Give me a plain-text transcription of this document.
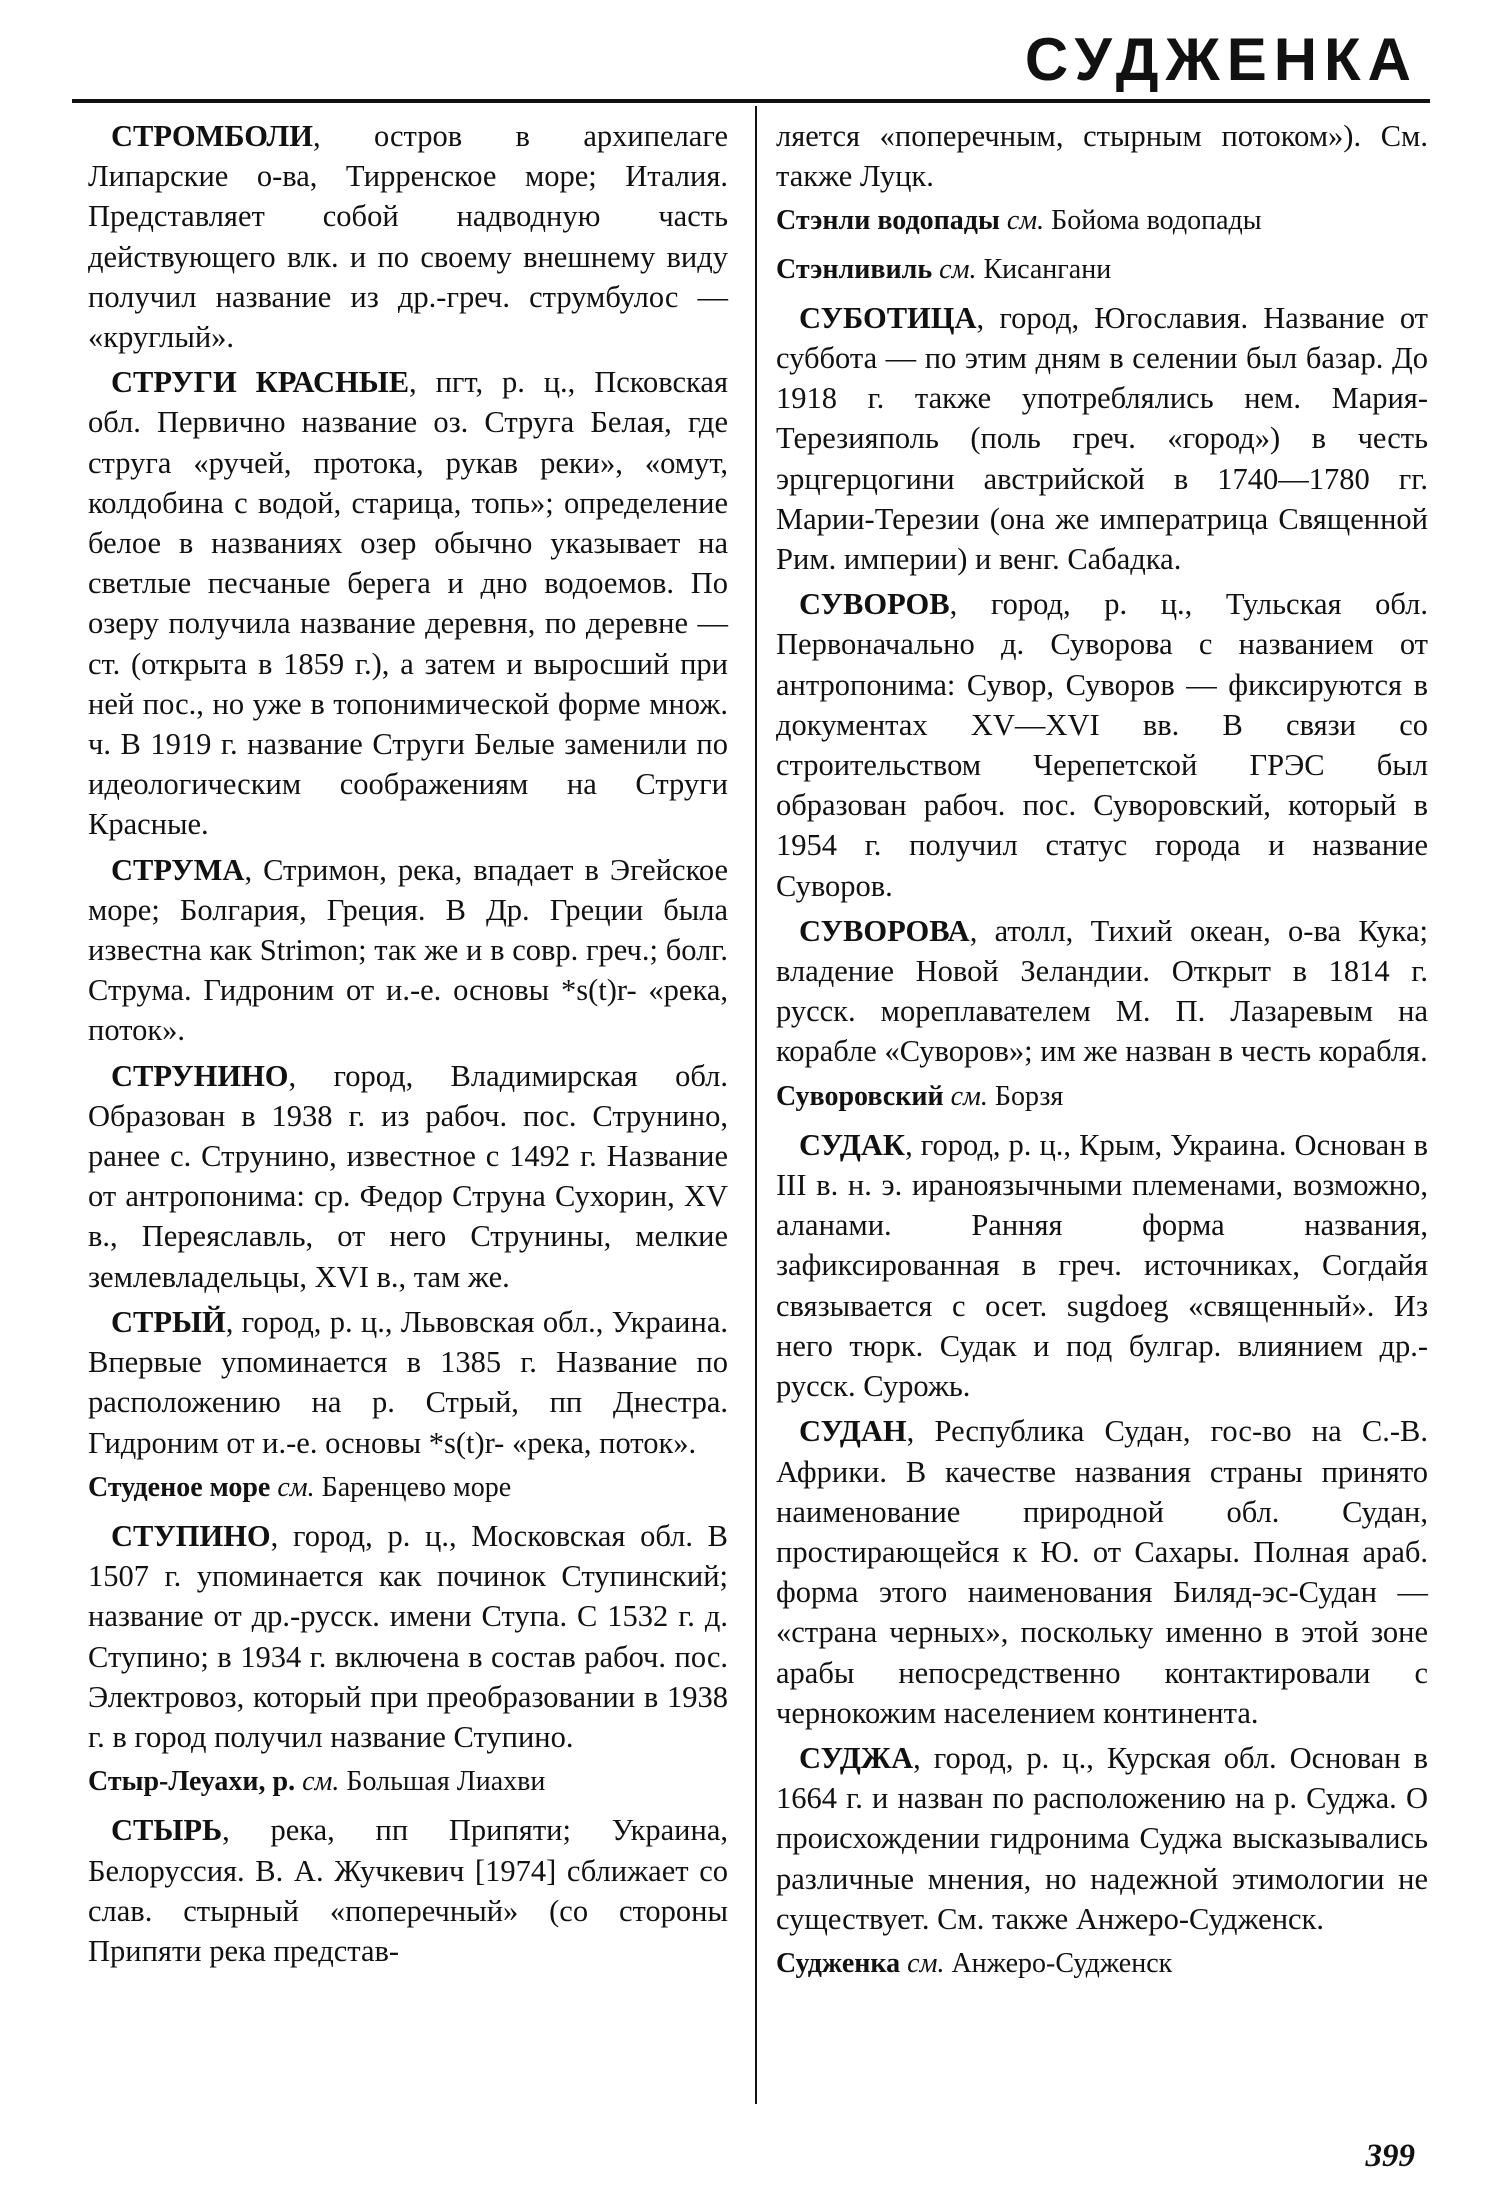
СУДЖЕНКА

СТРОМБОЛИ, остров в архипелаге Липарские о-ва, Тирренское море; Италия. Представляет собой надводную часть действующего влк. и по своему внешнему виду получил название из др.-греч. струмбулос — «круглый».

СТРУГИ КРАСНЫЕ, пгт, р. ц., Псковская обл. Первично название оз. Струга Белая, где струга «ручей, протока, рукав реки», «омут, колдобина с водой, старица, топь»; определение белое в названиях озер обычно указывает на светлые песчаные берега и дно водоемов. По озеру получила название деревня, по деревне — ст. (открыта в 1859 г.), а затем и выросший при ней пос., но уже в топонимической форме множ. ч. В 1919 г. название Струги Белые заменили по идеологическим соображениям на Струги Красные.

СТРУМА, Стримон, река, впадает в Эгейское море; Болгария, Греция. В Др. Греции была известна как Strimon; так же и в совр. греч.; болг. Струма. Гидроним от и.-е. основы *s(t)r- «река, поток».

СТРУНИНО, город, Владимирская обл. Образован в 1938 г. из рабоч. пос. Струнино, ранее с. Струнино, известное с 1492 г. Название от антропонима: ср. Федор Струна Сухорин, XV в., Переяславль, от него Струнины, мелкие землевладельцы, XVI в., там же.

СТРЫЙ, город, р. ц., Львовская обл., Украина. Впервые упоминается в 1385 г. Название по расположению на р. Стрый, пп Днестра. Гидроним от и.-е. основы *s(t)r- «река, поток».

Студеное море см. Баренцево море

СТУПИНО, город, р. ц., Московская обл. В 1507 г. упоминается как починок Ступинский; название от др.-русск. имени Ступа. С 1532 г. д. Ступино; в 1934 г. включена в состав рабоч. пос. Электровоз, который при преобразовании в 1938 г. в город получил название Ступино.

Стыр-Леуахи, р. см. Большая Лиахви

СТЫРЬ, река, пп Припяти; Украина, Белоруссия. В. А. Жучкевич [1974] сближает со слав. стырный «поперечный» (со стороны Припяти река представ-

ляется «поперечным, стырным потоком»). См. также Луцк.

Стэнли водопады см. Бойома водопады

Стэнливиль см. Кисангани

СУБОТИЦА, город, Югославия. Название от суббота — по этим дням в селении был базар. До 1918 г. также употреблялись нем. Мария-Терезияполь (поль греч. «город») в честь эрцгерцогини австрийской в 1740—1780 гг. Марии-Терезии (она же императрица Священной Рим. империи) и венг. Сабадка.

СУВОРОВ, город, р. ц., Тульская обл. Первоначально д. Суворова с названием от антропонима: Сувор, Суворов — фиксируются в документах XV—XVI вв. В связи со строительством Черепетской ГРЭС был образован рабоч. пос. Суворовский, который в 1954 г. получил статус города и название Суворов.

СУВОРОВА, атолл, Тихий океан, о-ва Кука; владение Новой Зеландии. Открыт в 1814 г. русск. мореплавателем М. П. Лазаревым на корабле «Суворов»; им же назван в честь корабля.

Суворовский см. Борзя

СУДАК, город, р. ц., Крым, Украина. Основан в III в. н. э. ираноязычными племенами, возможно, аланами. Ранняя форма названия, зафиксированная в греч. источниках, Согдайя связывается с осет. sugdoeg «священный». Из него тюрк. Судак и под булгар. влиянием др.-русск. Сурожь.

СУДАН, Республика Судан, гос-во на С.-В. Африки. В качестве названия страны принято наименование природной обл. Судан, простирающейся к Ю. от Сахары. Полная араб. форма этого наименования Биляд-эс-Судан — «страна черных», поскольку именно в этой зоне арабы непосредственно контактировали с чернокожим населением континента.

СУДЖА, город, р. ц., Курская обл. Основан в 1664 г. и назван по расположению на р. Суджа. О происхождении гидронима Суджа высказывались различные мнения, но надежной этимологии не существует. См. также Анжеро-Судженск.

Судженка см. Анжеро-Судженск

399
